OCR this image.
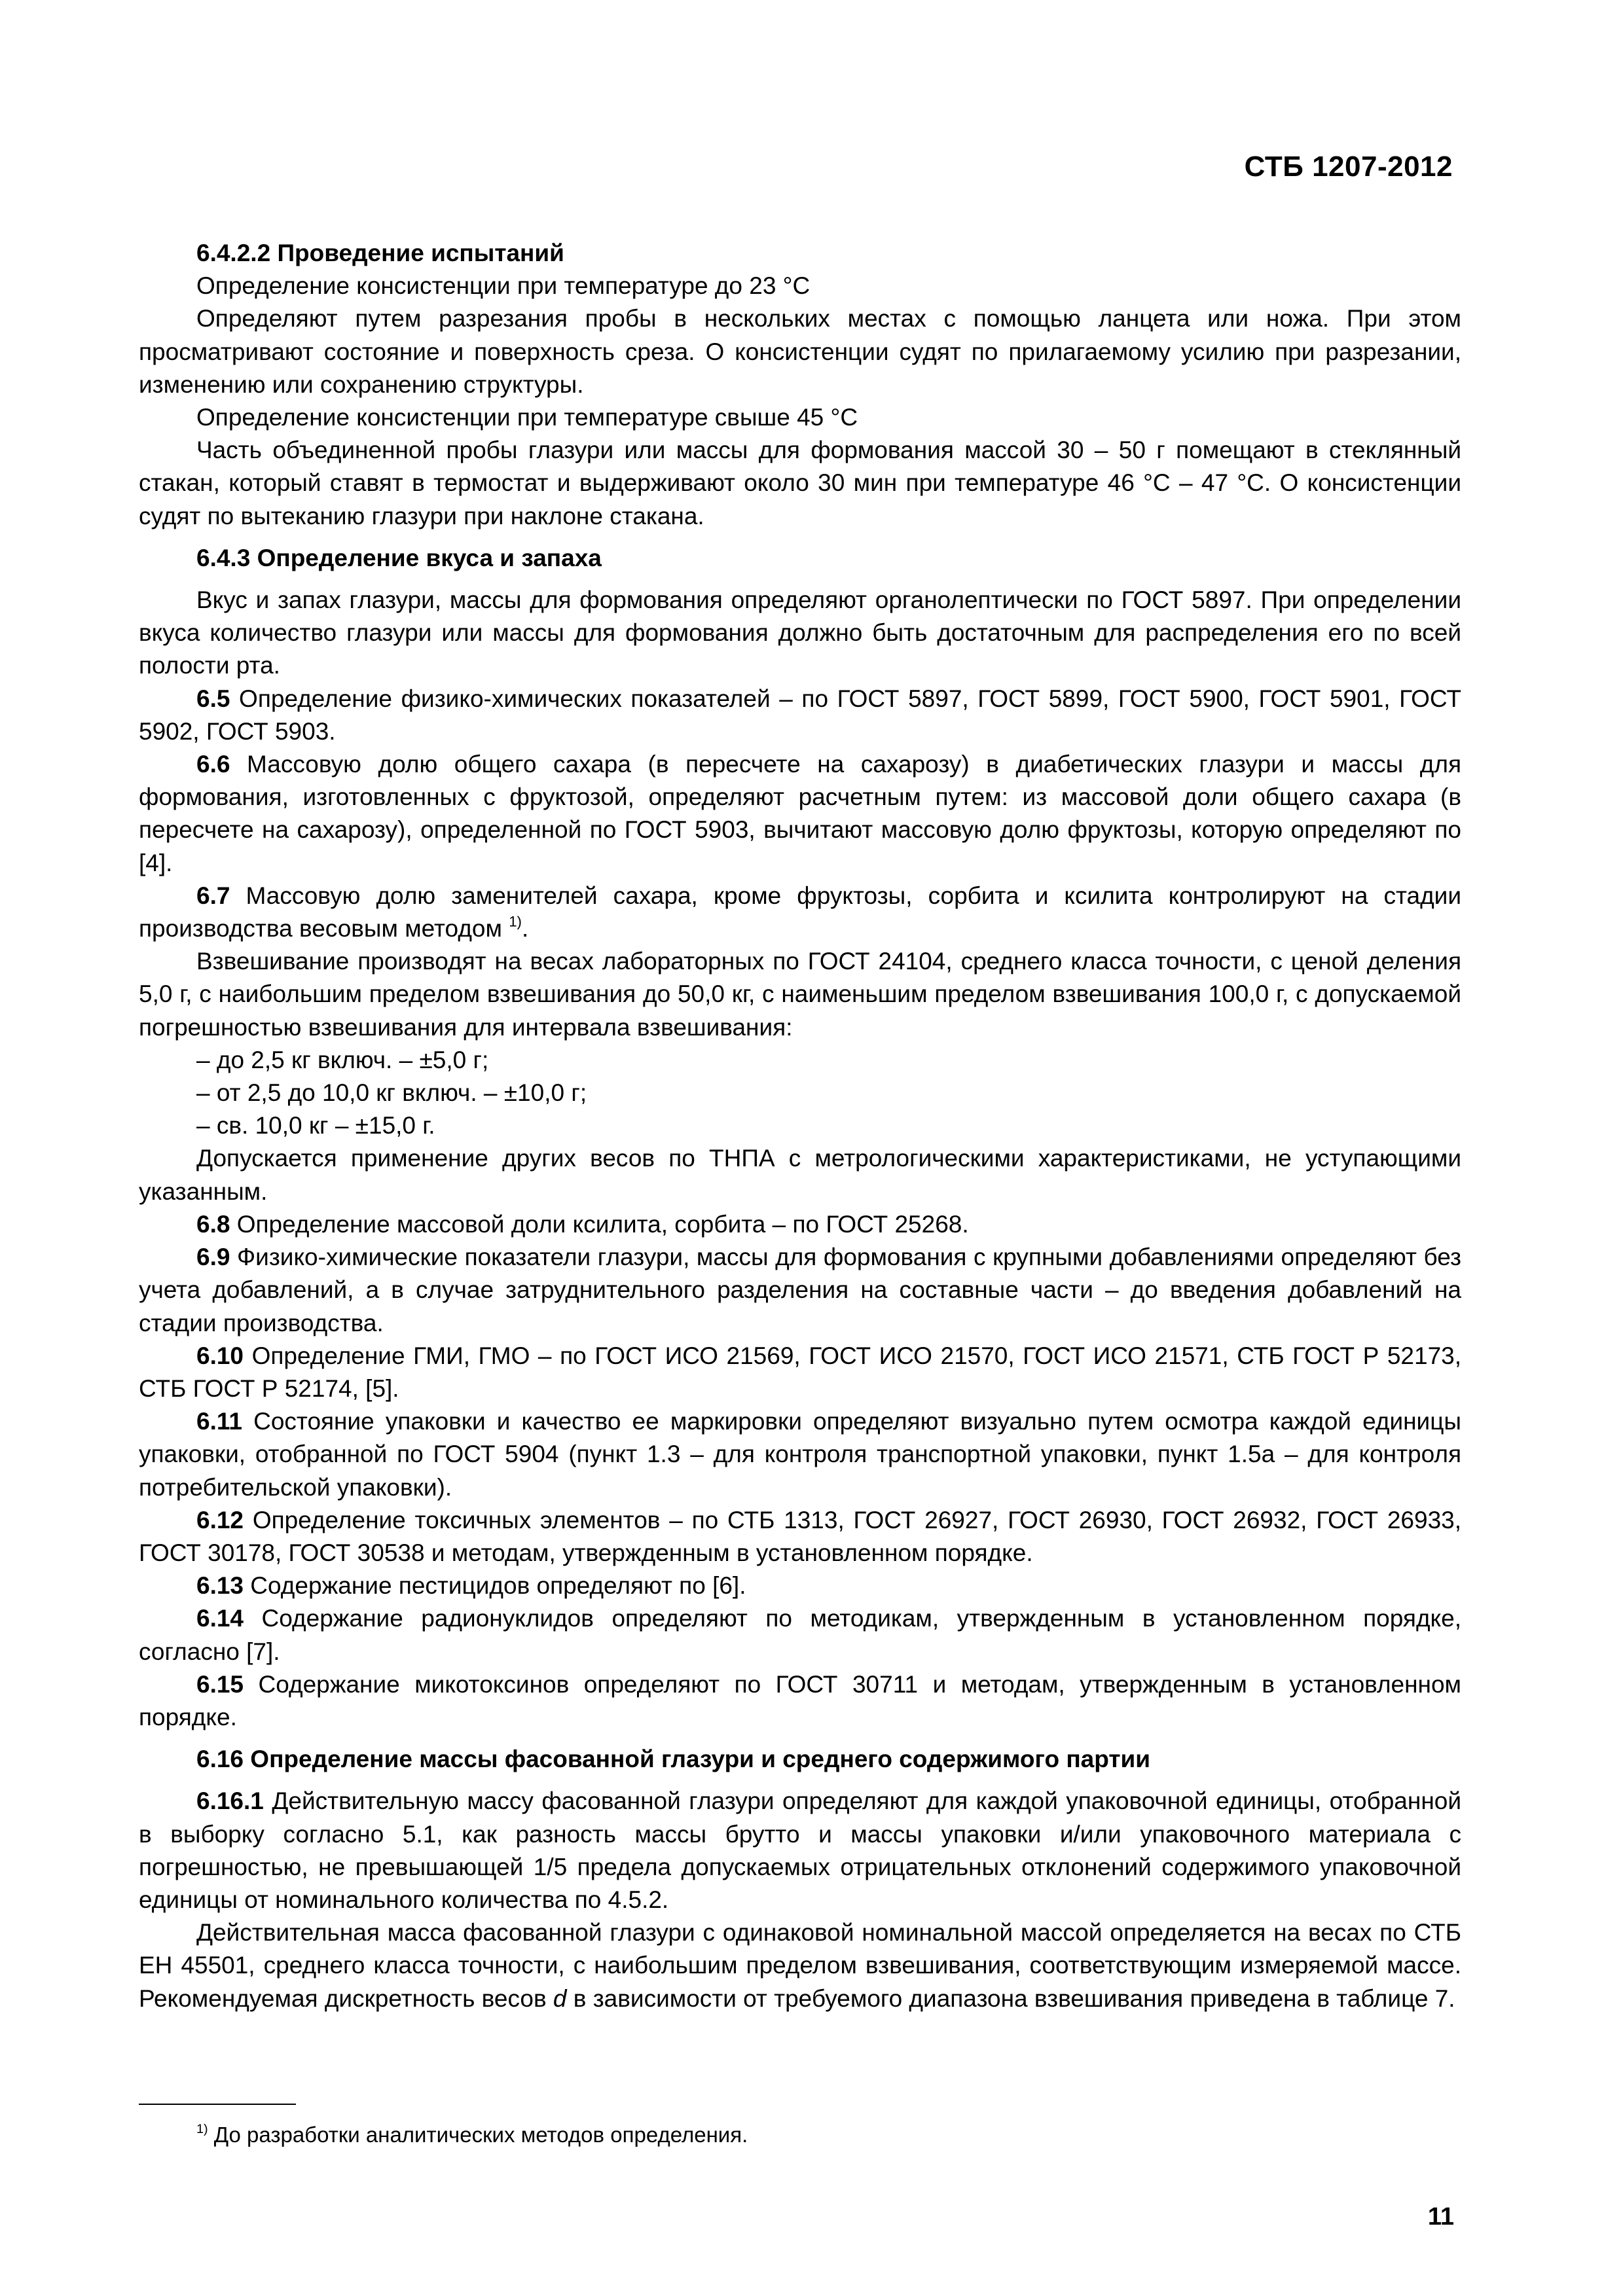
СТБ 1207-2012

6.4.2.2 Проведение испытаний

Определение консистенции при температуре до 23 °С

Определяют путем разрезания пробы в нескольких местах с помощью ланцета или ножа. При этом просматривают состояние и поверхность среза. О консистенции судят по прилагаемому усилию при разрезании, изменению или сохранению структуры.

Определение консистенции при температуре свыше 45 °С

Часть объединенной пробы глазури или массы для формования массой 30 – 50 г помещают в стеклянный стакан, который ставят в термостат и выдерживают около 30 мин при температуре 46 °С – 47 °С. О консистенции судят по вытеканию глазури при наклоне стакана.

6.4.3 Определение вкуса и запаха

Вкус и запах глазури, массы для формования определяют органолептически по ГОСТ 5897. При определении вкуса количество глазури или массы для формования должно быть достаточным для распределения его по всей полости рта.

6.5 Определение физико-химических показателей – по ГОСТ 5897, ГОСТ 5899, ГОСТ 5900, ГОСТ 5901, ГОСТ 5902, ГОСТ 5903.

6.6 Массовую долю общего сахара (в пересчете на сахарозу) в диабетических глазури и массы для формования, изготовленных с фруктозой, определяют расчетным путем: из массовой доли общего сахара (в пересчете на сахарозу), определенной по ГОСТ 5903, вычитают массовую долю фруктозы, которую определяют по [4].

6.7 Массовую долю заменителей сахара, кроме фруктозы, сорбита и ксилита контролируют на стадии производства весовым методом $^{1)}$.

Взвешивание производят на весах лабораторных по ГОСТ 24104, среднего класса точности, с ценой деления 5,0 г, с наибольшим пределом взвешивания до 50,0 кг, с наименьшим пределом взвешивания 100,0 г, с допускаемой погрешностью взвешивания для интервала взвешивания:

– до 2,5 кг включ. – ±5,0 г;

– от 2,5 до 10,0 кг включ. – ±10,0 г;

– св. 10,0 кг – ±15,0 г.

Допускается применение других весов по ТНПА с метрологическими характеристиками, не уступающими указанным.

6.8 Определение массовой доли ксилита, сорбита – по ГОСТ 25268.

6.9 Физико-химические показатели глазури, массы для формования с крупными добавлениями определяют без учета добавлений, а в случае затруднительного разделения на составные части – до введения добавлений на стадии производства.

6.10 Определение ГМИ, ГМО – по ГОСТ ИСО 21569, ГОСТ ИСО 21570, ГОСТ ИСО 21571, СТБ ГОСТ Р 52173, СТБ ГОСТ Р 52174, [5].

6.11 Состояние упаковки и качество ее маркировки определяют визуально путем осмотра каждой единицы упаковки, отобранной по ГОСТ 5904 (пункт 1.3 – для контроля транспортной упаковки, пункт 1.5а – для контроля потребительской упаковки).

6.12 Определение токсичных элементов – по СТБ 1313, ГОСТ 26927, ГОСТ 26930, ГОСТ 26932, ГОСТ 26933, ГОСТ 30178, ГОСТ 30538 и методам, утвержденным в установленном порядке.

6.13 Содержание пестицидов определяют по [6].

6.14 Содержание радионуклидов определяют по методикам, утвержденным в установленном порядке, согласно [7].

6.15 Содержание микотоксинов определяют по ГОСТ 30711 и методам, утвержденным в установленном порядке.

6.16 Определение массы фасованной глазури и среднего содержимого партии

6.16.1 Действительную массу фасованной глазури определяют для каждой упаковочной единицы, отобранной в выборку согласно 5.1, как разность массы брутто и массы упаковки и/или упаковочного материала с погрешностью, не превышающей 1/5 предела допускаемых отрицательных отклонений содержимого упаковочной единицы от номинального количества по 4.5.2.

Действительная масса фасованной глазури с одинаковой номинальной массой определяется на весах по СТБ ЕН 45501, среднего класса точности, с наибольшим пределом взвешивания, соответствующим измеряемой массе. Рекомендуемая дискретность весов d в зависимости от требуемого диапазона взвешивания приведена в таблице 7.

$^{1)}$ До разработки аналитических методов определения.
11
